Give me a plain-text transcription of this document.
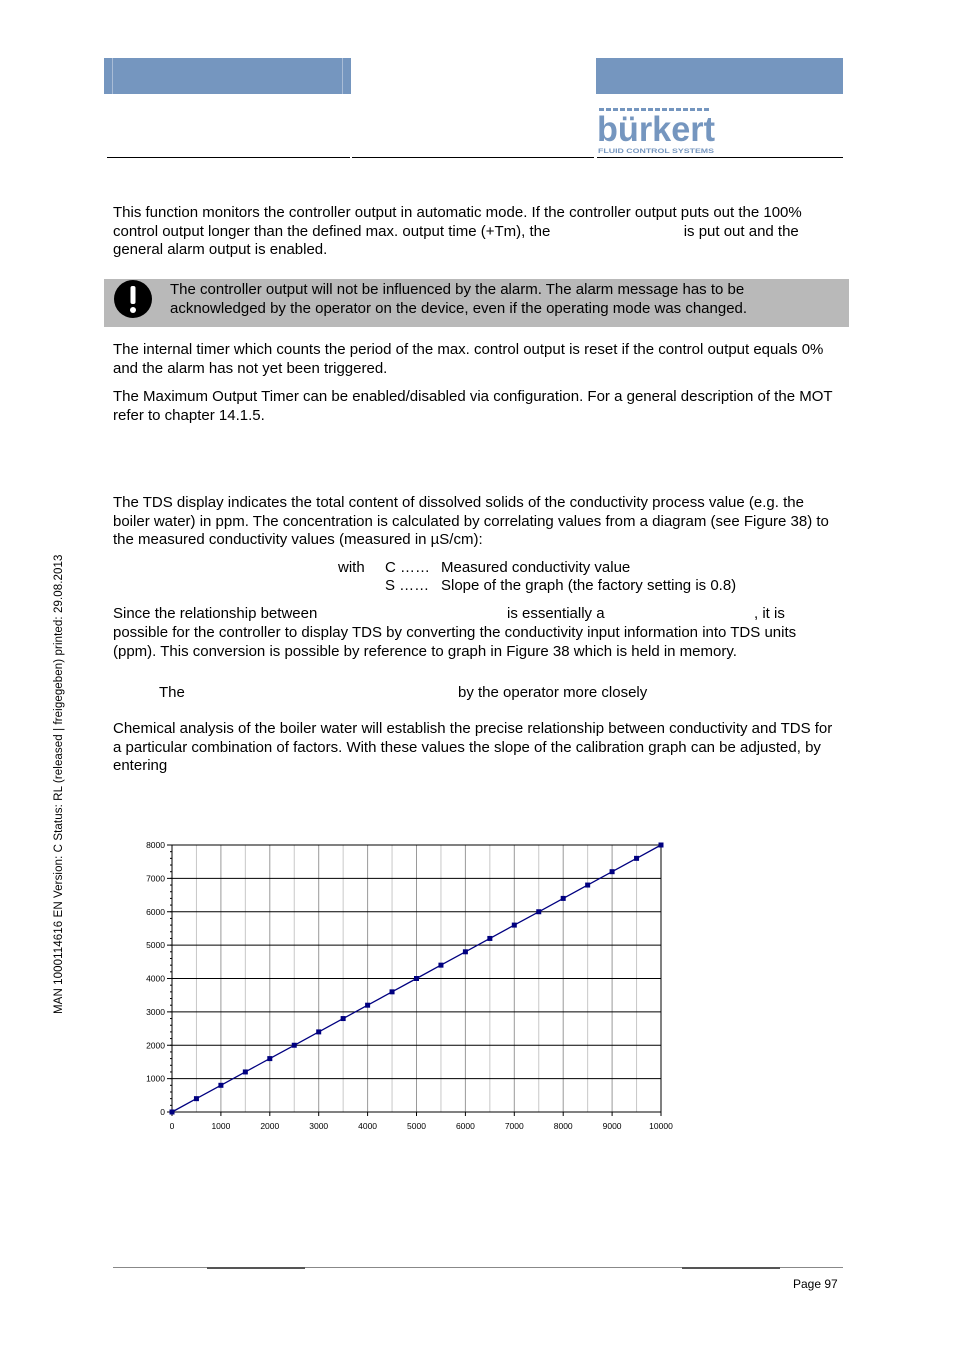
bürkert
FLUID CONTROL SYSTEMS
This function monitors the controller output in automatic mode. If the controller output puts out the 100% control output longer than the defined max. output time (+Tm), the                                is put out and the general alarm output is enabled.
The controller output will not be influenced by the alarm. The alarm message has to be acknowledged by the operator on the device, even if the operating mode was changed.
The internal timer which counts the period of the max. control output is reset if the control output equals 0% and the alarm has not yet been triggered.
The Maximum Output Timer can be enabled/disabled via configuration. For a general description of the MOT refer to chapter 14.1.5.
The TDS display indicates the total content of dissolved solids of the conductivity process value (e.g. the boiler water) in ppm. The concentration is calculated by correlating values from a diagram (see Figure 38) to the measured conductivity values (measured in µS/cm):
with C …… Measured conductivity value
S …… Slope of the graph (the factory setting is 0.8)
Since the relationship between	is essentially a	, it is
possible for the controller to display TDS by converting the conductivity input information into TDS units (ppm). This conversion is possible by reference to graph in Figure 38 which is held in memory.
The	by the operator more closely
Chemical analysis of the boiler water will establish the precise relationship between conductivity and TDS for a particular combination of factors. With these values the slope of the calibration graph can be adjusted, by entering
0
1000
2000
3000
4000
5000
6000
7000
8000
0	1000	2000	3000	4000	5000	6000	7000	8000	9000	10000
MAN 1000114616 EN Version: C Status: RL (released | freigegeben) printed: 29.08.2013
Page 97
